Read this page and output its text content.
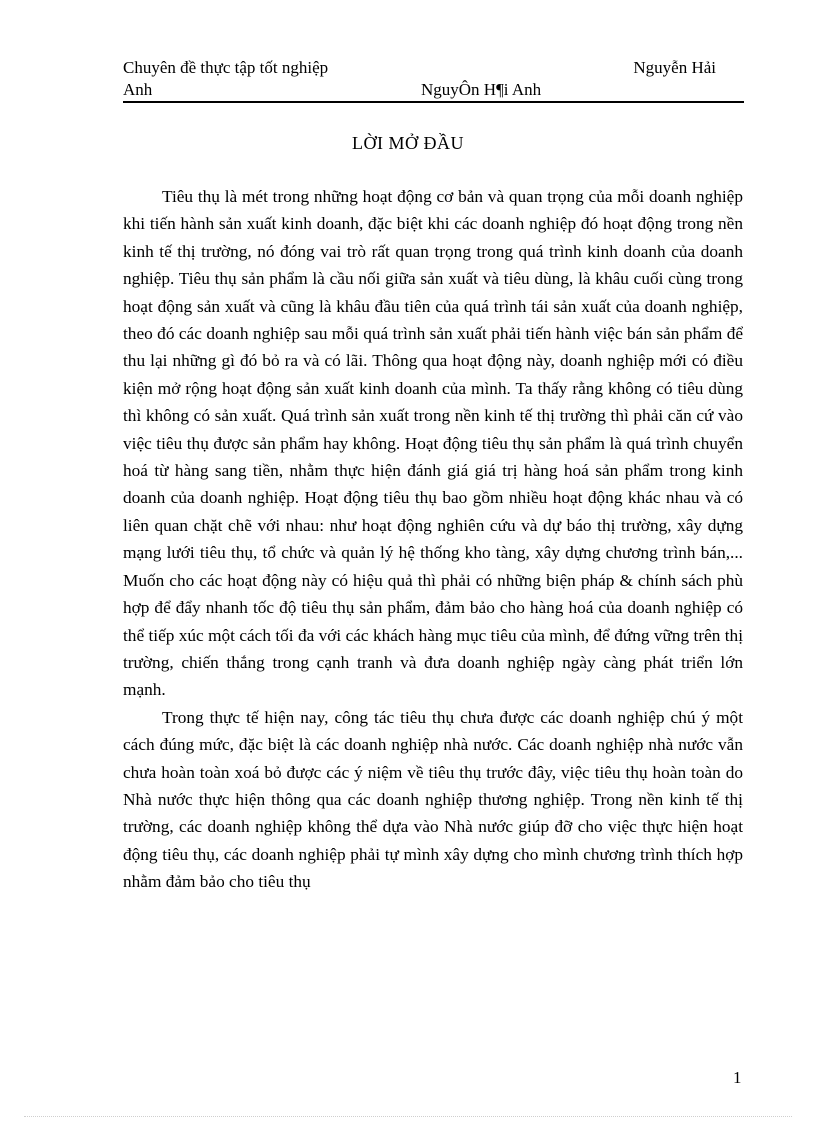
Chuyên đề thực tập tốt nghiệp	Nguyễn Hải
Anh	NguyÔn H¶i Anh
LỜI MỞ ĐẦU

Tiêu thụ là mét trong những hoạt động cơ bản và quan trọng của mỗi doanh nghiệp khi tiến hành sản xuất kinh doanh, đặc biệt khi các doanh nghiệp đó hoạt động trong nền kinh tế thị trường, nó đóng vai trò rất quan trọng trong quá trình kinh doanh của doanh nghiệp. Tiêu thụ sản phẩm là cầu nối giữa sản xuất và tiêu dùng, là khâu cuối cùng trong hoạt động sản xuất và cũng là khâu đầu tiên của quá trình tái sản xuất của doanh nghiệp, theo đó các doanh nghiệp sau mỗi quá trình sản xuất phải tiến hành việc bán sản phẩm để thu lại những gì đó bỏ ra và có lãi. Thông qua hoạt động này, doanh nghiệp mới có điều kiện mở rộng hoạt động sản xuất kinh doanh của mình. Ta thấy rằng không có tiêu dùng thì không có sản xuất. Quá trình sản xuất trong nền kinh tế thị trường thì phải căn cứ vào việc tiêu thụ được sản phẩm hay không. Hoạt động tiêu thụ sản phẩm là quá trình chuyển hoá từ hàng sang tiền, nhằm thực hiện đánh giá giá trị hàng hoá sản phẩm trong kinh doanh của doanh nghiệp. Hoạt động tiêu thụ bao gồm nhiều hoạt động khác nhau và có liên quan chặt chẽ với nhau: như hoạt động nghiên cứu và dự báo thị trường, xây dựng mạng lưới tiêu thụ, tổ chức và quản lý hệ thống kho tàng, xây dựng chương trình bán,... Muốn cho các hoạt động này có hiệu quả thì phải có những biện pháp & chính sách phù hợp để đẩy nhanh tốc độ tiêu thụ sản phẩm, đảm bảo cho hàng hoá của doanh nghiệp có thể tiếp xúc một cách tối đa với các khách hàng mục tiêu của mình, để đứng vững trên thị trường, chiến thắng trong cạnh tranh và đưa doanh nghiệp ngày càng phát triển lớn mạnh.

Trong thực tế hiện nay, công tác tiêu thụ chưa được các doanh nghiệp chú ý một cách đúng mức, đặc biệt là các doanh nghiệp nhà nước. Các doanh nghiệp nhà nước vẫn chưa hoàn toàn xoá bỏ được các ý niệm về tiêu thụ trước đây, việc tiêu thụ hoàn toàn do Nhà nước thực hiện thông qua các doanh nghiệp thương nghiệp. Trong nền kinh tế thị trường, các doanh nghiệp không thể dựa vào Nhà nước giúp đỡ cho việc thực hiện hoạt động tiêu thụ, các doanh nghiệp phải tự mình xây dựng cho mình chương trình thích hợp nhằm đảm bảo cho tiêu thụ

1
